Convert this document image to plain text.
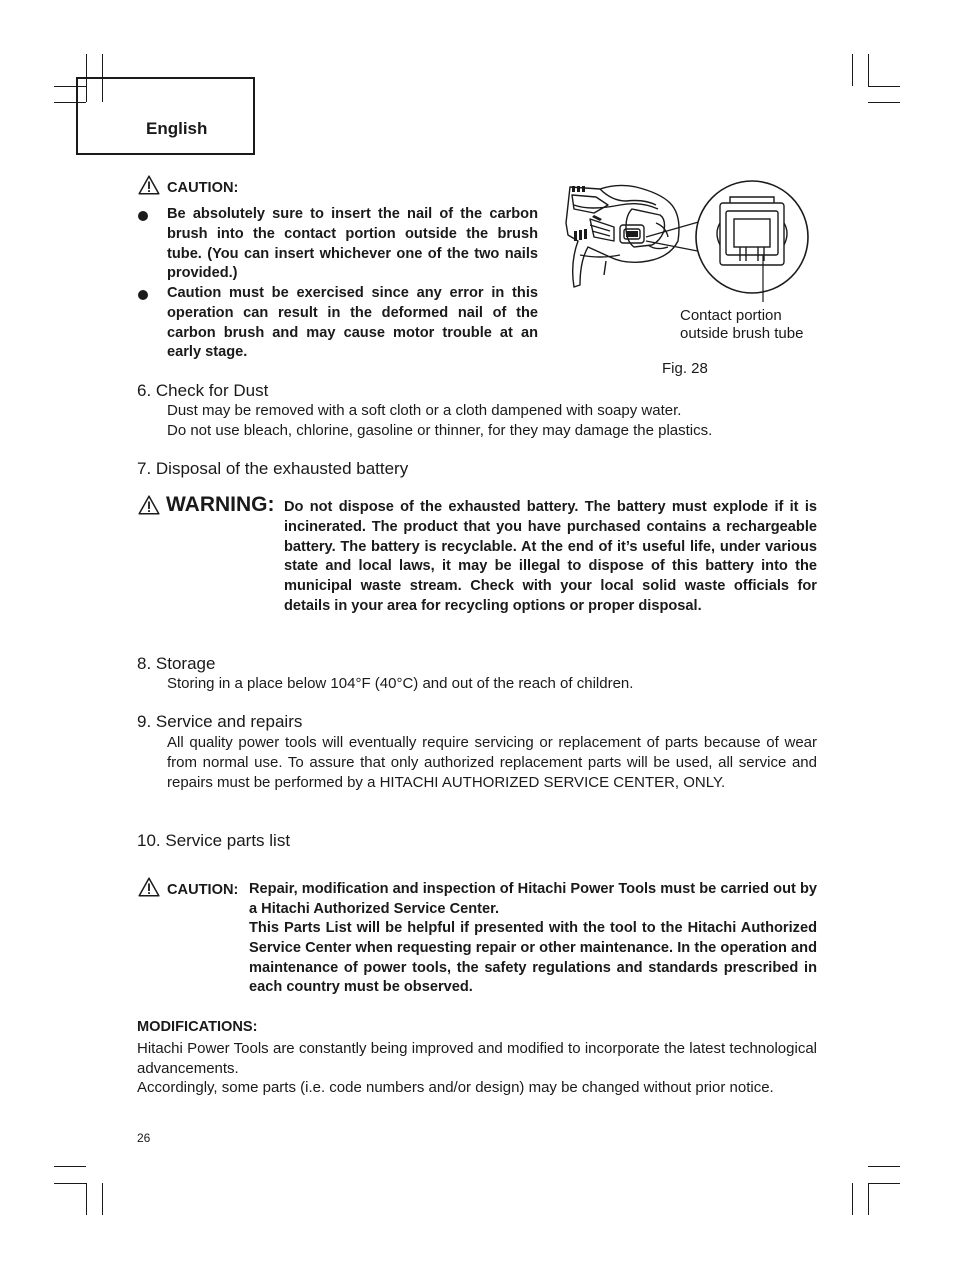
English
CAUTION:
Be absolutely sure to insert the nail of the carbon brush into the contact portion outside the brush tube. (You can insert whichever one of the two nails provided.)
Caution must be exercised since any error in this operation can result in the deformed nail of the carbon brush and may cause motor trouble at an early stage.
Contact portion
outside brush tube
Fig. 28
6. Check for Dust
Dust may be removed with a soft cloth or a cloth dampened with soapy water.
Do not use bleach, chlorine, gasoline or thinner, for they may damage the plastics.
7. Disposal of the exhausted battery
WARNING: Do not dispose of the exhausted battery. The battery must explode if it is incinerated. The product that you have purchased contains a rechargeable battery. The battery is recyclable. At the end of it’s useful life, under various state and local laws, it may be illegal to dispose of this battery into the municipal waste stream. Check with your local solid waste officials for details in your area for recycling options or proper disposal.
8. Storage
Storing in a place below 104°F (40°C) and out of the reach of children.
9. Service and repairs
All quality power tools will eventually require servicing or replacement of parts because of wear from normal use. To assure that only authorized replacement parts will be used, all service and repairs must be performed by a HITACHI AUTHORIZED SERVICE CENTER, ONLY.
10. Service parts list
CAUTION: Repair, modification and inspection of Hitachi Power Tools must be carried out by a Hitachi Authorized Service Center.
This Parts List will be helpful if presented with the tool to the Hitachi Authorized Service Center when requesting repair or other maintenance. In the operation and maintenance of power tools, the safety regulations and standards prescribed in each country must be observed.
MODIFICATIONS:
Hitachi Power Tools are constantly being improved and modified to incorporate the latest technological advancements.
Accordingly, some parts (i.e. code numbers and/or design) may be changed without prior notice.
26
